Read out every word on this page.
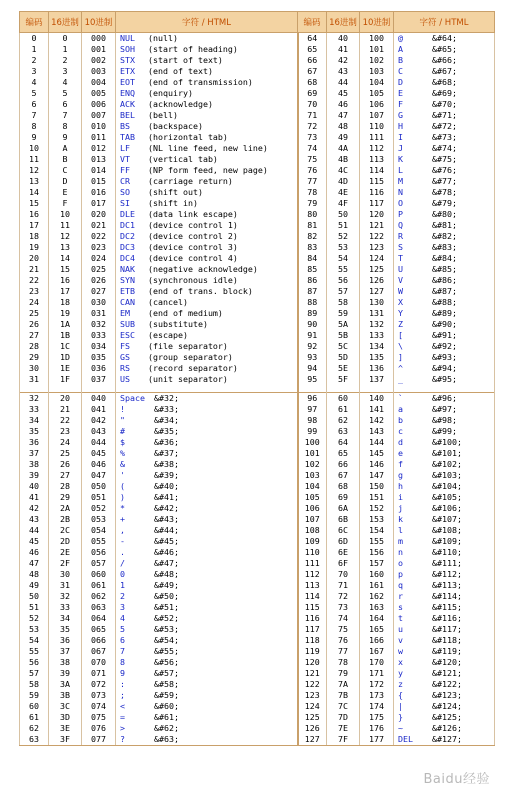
编码	16进制	10进制	字符 / HTML	编码	16进制	10进制	字符 / HTML
0	0	000	NUL (null)	64	40	100	@ &#64;
1	1	001	SOH (start of heading)	65	41	101	A &#65;
2	2	002	STX (start of text)	66	42	102	B &#66;
3	3	003	ETX (end of text)	67	43	103	C &#67;
4	4	004	EOT (end of transmission)	68	44	104	D &#68;
5	5	005	ENQ (enquiry)	69	45	105	E &#69;
6	6	006	ACK (acknowledge)	70	46	106	F &#70;
7	7	007	BEL (bell)	71	47	107	G &#71;
8	8	010	BS (backspace)	72	48	110	H &#72;
9	9	011	TAB (horizontal tab)	73	49	111	I &#73;
10	A	012	LF (NL line feed, new line)	74	4A	112	J &#74;
11	B	013	VT (vertical tab)	75	4B	113	K &#75;
12	C	014	FF (NP form feed, new page)	76	4C	114	L &#76;
13	D	015	CR (carriage return)	77	4D	115	M &#77;
14	E	016	SO (shift out)	78	4E	116	N &#78;
15	F	017	SI (shift in)	79	4F	117	O &#79;
16	10	020	DLE (data link escape)	80	50	120	P &#80;
17	11	021	DC1 (device control 1)	81	51	121	Q &#81;
18	12	022	DC2 (device control 2)	82	52	122	R &#82;
19	13	023	DC3 (device control 3)	83	53	123	S &#83;
20	14	024	DC4 (device control 4)	84	54	124	T &#84;
21	15	025	NAK (negative acknowledge)	85	55	125	U &#85;
22	16	026	SYN (synchronous idle)	86	56	126	V &#86;
23	17	027	ETB (end of trans. block)	87	57	127	W &#87;
24	18	030	CAN (cancel)	88	58	130	X &#88;
25	19	031	EM (end of medium)	89	59	131	Y &#89;
26	1A	032	SUB (substitute)	90	5A	132	Z &#90;
27	1B	033	ESC (escape)	91	5B	133	[ &#91;
28	1C	034	FS (file separator)	92	5C	134	\ &#92;
29	1D	035	GS (group separator)	93	5D	135	] &#93;
30	1E	036	RS (record separator)	94	5E	136	^ &#94;
31	1F	037	US (unit separator)	95	5F	137	_ &#95;

32	20	040	Space &#32;	96	60	140	` &#96;
33	21	041	! &#33;	97	61	141	a &#97;
34	22	042	" &#34;	98	62	142	b &#98;
35	23	043	# &#35;	99	63	143	c &#99;
36	24	044	$ &#36;	100	64	144	d &#100;
37	25	045	% &#37;	101	65	145	e &#101;
38	26	046	& &#38;	102	66	146	f &#102;
39	27	047	' &#39;	103	67	147	g &#103;
40	28	050	( &#40;	104	68	150	h &#104;
41	29	051	) &#41;	105	69	151	i &#105;
42	2A	052	* &#42;	106	6A	152	j &#106;
43	2B	053	+ &#43;	107	6B	153	k &#107;
44	2C	054	, &#44;	108	6C	154	l &#108;
45	2D	055	- &#45;	109	6D	155	m &#109;
46	2E	056	. &#46;	110	6E	156	n &#110;
47	2F	057	/ &#47;	111	6F	157	o &#111;
48	30	060	0 &#48;	112	70	160	p &#112;
49	31	061	1 &#49;	113	71	161	q &#113;
50	32	062	2 &#50;	114	72	162	r &#114;
51	33	063	3 &#51;	115	73	163	s &#115;
52	34	064	4 &#52;	116	74	164	t &#116;
53	35	065	5 &#53;	117	75	165	u &#117;
54	36	066	6 &#54;	118	76	166	v &#118;
55	37	067	7 &#55;	119	77	167	w &#119;
56	38	070	8 &#56;	120	78	170	x &#120;
57	39	071	9 &#57;	121	79	171	y &#121;
58	3A	072	: &#58;	122	7A	172	z &#122;
59	3B	073	; &#59;	123	7B	173	{ &#123;
60	3C	074	< &#60;	124	7C	174	| &#124;
61	3D	075	= &#61;	125	7D	175	} &#125;
62	3E	076	> &#62;	126	7E	176	~ &#126;
63	3F	077	? &#63;	127	7F	177	DEL &#127;
Baidu经验
